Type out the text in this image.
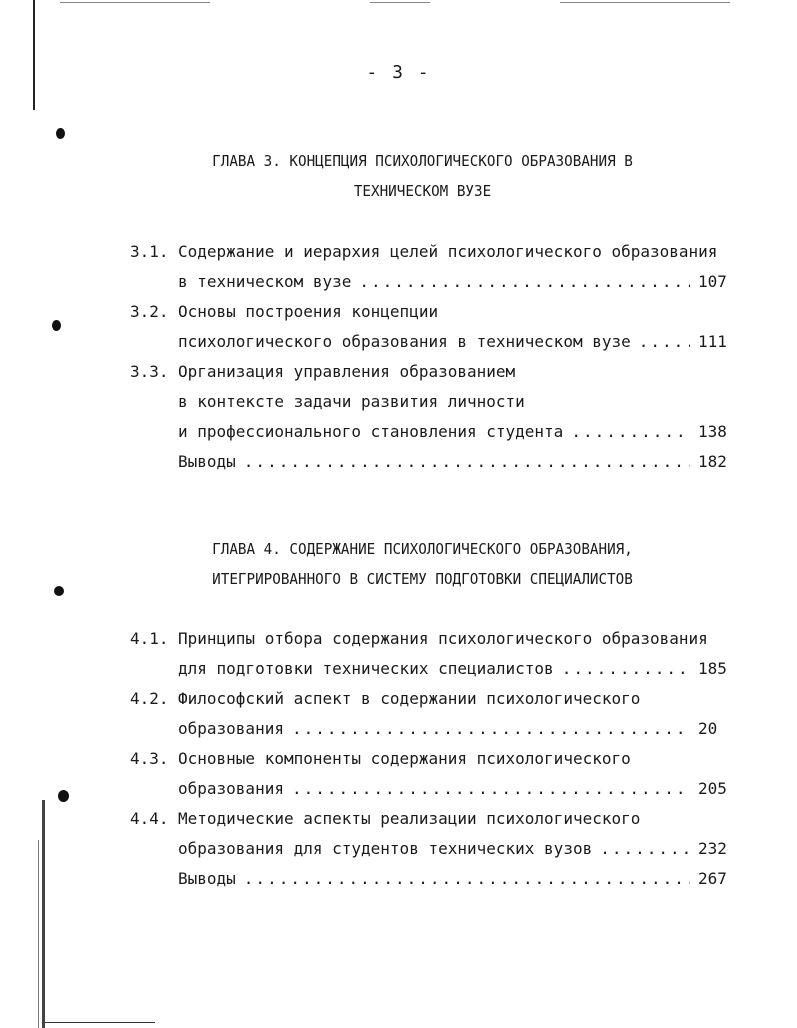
- 3 -
ГЛАВА 3. КОНЦЕПЦИЯ ПСИХОЛОГИЧЕСКОГО ОБРАЗОВАНИЯ В
ТЕХНИЧЕСКОМ ВУЗЕ
3.1. Содержание и иерархия целей психологического образования
в техническом вузе .....	107
3.2. Основы построения концепции
психологического образования в техническом вузе .....	111
3.3. Организация управления образованием
в контексте задачи развития личности
и профессионального становления студента .....	138
Выводы .....	182
ГЛАВА 4. СОДЕРЖАНИЕ ПСИХОЛОГИЧЕСКОГО ОБРАЗОВАНИЯ,
ИТЕГРИРОВАННОГО В СИСТЕМУ ПОДГОТОВКИ СПЕЦИАЛИСТОВ
4.1. Принципы отбора содержания психологического образования
для подготовки технических специалистов .....	185
4.2. Философский аспект в содержании психологического
образования .....	20
4.3. Основные компоненты содержания психологического
образования .....	205
4.4. Методические аспекты реализации психологического
образования для студентов технических вузов .....	232
Выводы .....	267
